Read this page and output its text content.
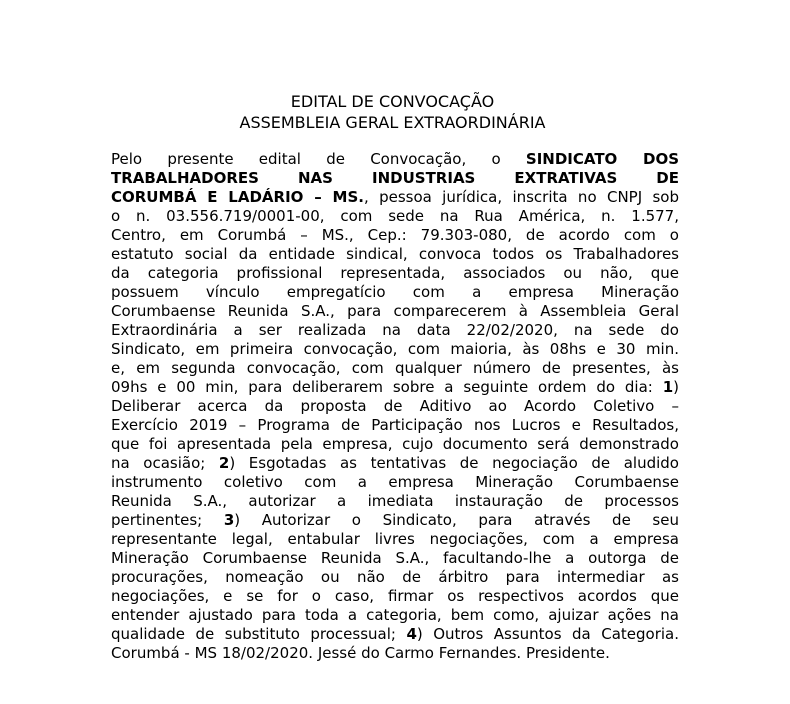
EDITAL DE CONVOCAÇÃO
ASSEMBLEIA GERAL EXTRAORDINÁRIA
Pelo presente edital de Convocação, o SINDICATO DOS
TRABALHADORES NAS INDUSTRIAS EXTRATIVAS DE
CORUMBÁ E LADÁRIO – MS., pessoa jurídica, inscrita no CNPJ sob
o n. 03.556.719/0001-00, com sede na Rua América, n. 1.577,
Centro, em Corumbá – MS., Cep.: 79.303-080, de acordo com o
estatuto social da entidade sindical, convoca todos os Trabalhadores
da categoria profissional representada, associados ou não, que
possuem vínculo empregatício com a empresa Mineração
Corumbaense Reunida S.A., para comparecerem à Assembleia Geral
Extraordinária a ser realizada na data 22/02/2020, na sede do
Sindicato, em primeira convocação, com maioria, às 08hs e 30 min.
e, em segunda convocação, com qualquer número de presentes, às
09hs e 00 min, para deliberarem sobre a seguinte ordem do dia: 1)
Deliberar acerca da proposta de Aditivo ao Acordo Coletivo –
Exercício 2019 – Programa de Participação nos Lucros e Resultados,
que foi apresentada pela empresa, cujo documento será demonstrado
na ocasião; 2) Esgotadas as tentativas de negociação de aludido
instrumento coletivo com a empresa Mineração Corumbaense
Reunida S.A., autorizar a imediata instauração de processos
pertinentes; 3) Autorizar o Sindicato, para através de seu
representante legal, entabular livres negociações, com a empresa
Mineração Corumbaense Reunida S.A., facultando-lhe a outorga de
procurações, nomeação ou não de árbitro para intermediar as
negociações, e se for o caso, firmar os respectivos acordos que
entender ajustado para toda a categoria, bem como, ajuizar ações na
qualidade de substituto processual; 4) Outros Assuntos da Categoria.
Corumbá - MS 18/02/2020. Jessé do Carmo Fernandes. Presidente.
